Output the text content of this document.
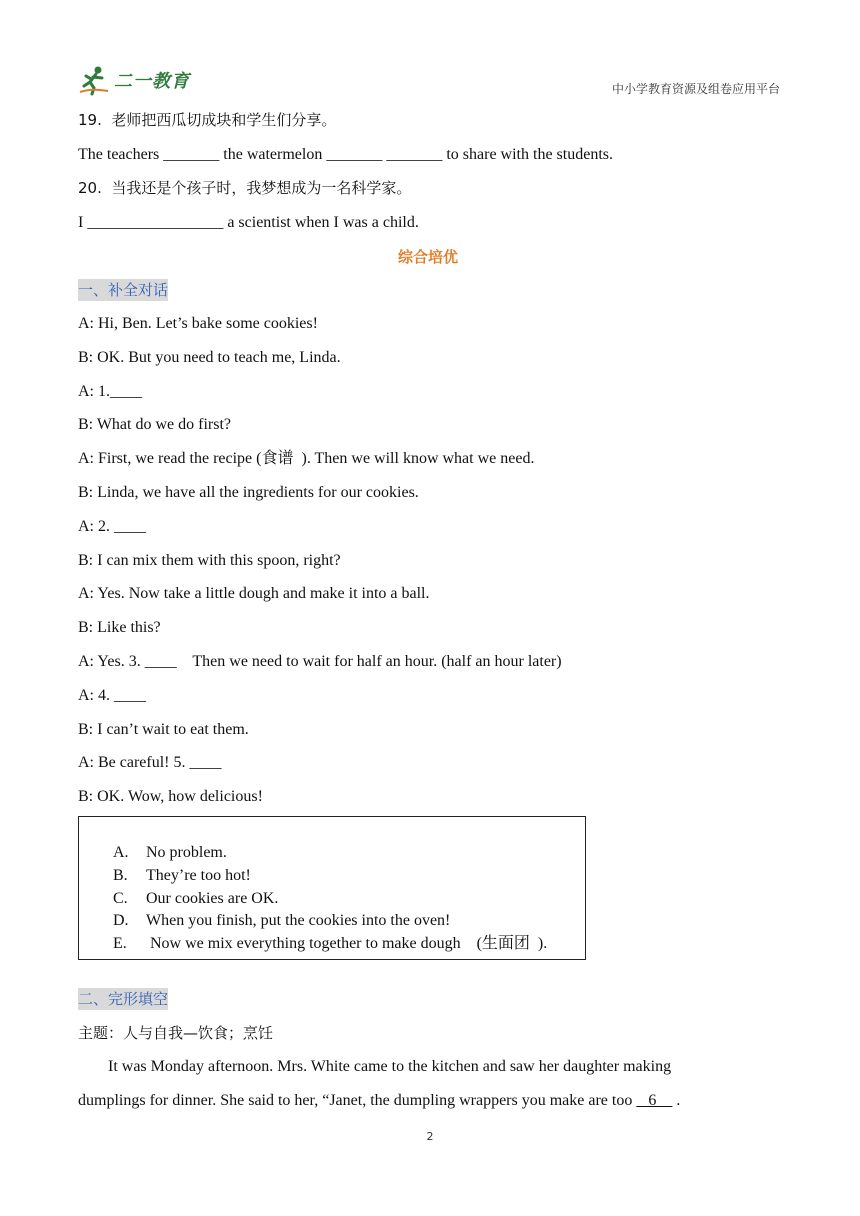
二一教育	中小学教育资源及组卷应用平台
19.  老师把西瓜切成块和学生们分享。
The teachers _______ the watermelon _______ _______ to share with the students.
20.  当我还是个孩子时，我梦想成为一名科学家。
I _________________ a scientist when I was a child.
综合培优
一、补全对话
A: Hi, Ben. Let’s bake some cookies!
B: OK. But you need to teach me, Linda.
A: 1.____
B: What do we do first?
A: First, we read the recipe (食谱  ). Then we will know what we need.
B: Linda, we have all the ingredients for our cookies.
A: 2. ____
B: I can mix them with this spoon, right?
A: Yes. Now take a little dough and make it into a ball.
B: Like this?
A: Yes. 3. ____    Then we need to wait for half an hour. (half an hour later)
A: 4. ____
B: I can’t wait to eat them.
A: Be careful! 5. ____
B: OK. Wow, how delicious!

A. No problem.

B. They’re too hot!

C. Our cookies are OK.

D. When you finish, put the cookies into the oven!

E. Now we mix everything together to make dough    (生面团  ).

二、完形填空
主题：人与自我—饮食；烹饪
It was Monday afternoon. Mrs. White came to the kitchen and saw her daughter making
dumplings for dinner. She said to her, “Janet, the dumpling wrappers you make are too    6     .
2
